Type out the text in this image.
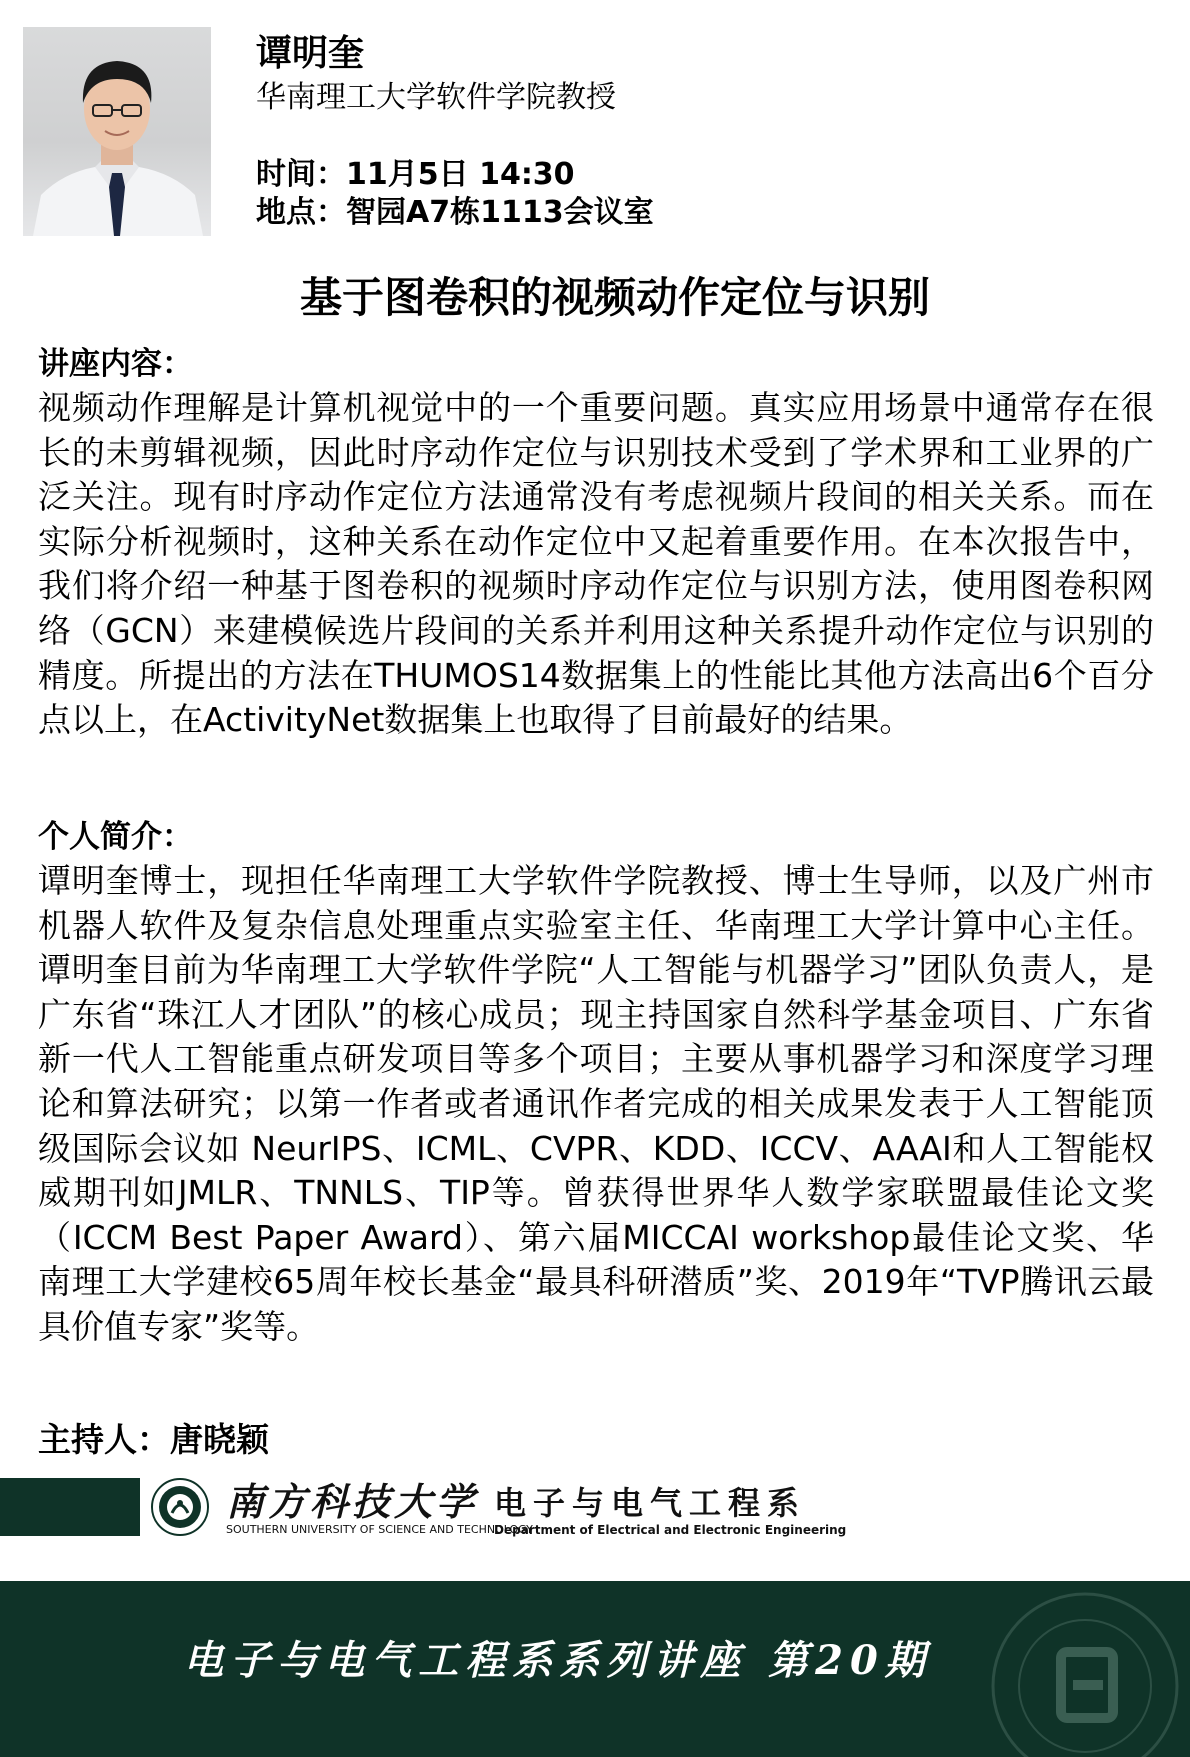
谭明奎
华南理工大学软件学院教授
时间：11月5日 14:30
地点：智园A7栋1113会议室
基于图卷积的视频动作定位与识别
讲座内容：
视频动作理解是计算机视觉中的一个重要问题。真实应用场景中通常存在很长的未剪辑视频，因此时序动作定位与识别技术受到了学术界和工业界的广泛关注。现有时序动作定位方法通常没有考虑视频片段间的相关关系。而在实际分析视频时，这种关系在动作定位中又起着重要作用。在本次报告中，我们将介绍一种基于图卷积的视频时序动作定位与识别方法，使用图卷积网络（GCN）来建模候选片段间的关系并利用这种关系提升动作定位与识别的精度。所提出的方法在THUMOS14数据集上的性能比其他方法高出6个百分点以上，在ActivityNet数据集上也取得了目前最好的结果。
个人简介：
谭明奎博士，现担任华南理工大学软件学院教授、博士生导师，以及广州市机器人软件及复杂信息处理重点实验室主任、华南理工大学计算中心主任。谭明奎目前为华南理工大学软件学院“人工智能与机器学习”团队负责人，是广东省“珠江人才团队”的核心成员；现主持国家自然科学基金项目、广东省新一代人工智能重点研发项目等多个项目；主要从事机器学习和深度学习理论和算法研究；以第一作者或者通讯作者完成的相关成果发表于人工智能顶级国际会议如 NeurIPS、ICML、CVPR、KDD、ICCV、AAAI和人工智能权威期刊如JMLR、TNNLS、TIP等。曾获得世界华人数学家联盟最佳论文奖（ICCM Best Paper Award）、第六届MICCAI workshop最佳论文奖、华南理工大学建校65周年校长基金“最具科研潜质”奖、2019年“TVP腾讯云最具价值专家”奖等。
主持人：唐晓颖
南方科技大学
SOUTHERN UNIVERSITY OF SCIENCE AND TECHNOLOGY
电子与电气工程系
Department of Electrical and Electronic Engineering
电子与电气工程系系列讲座 第20期
